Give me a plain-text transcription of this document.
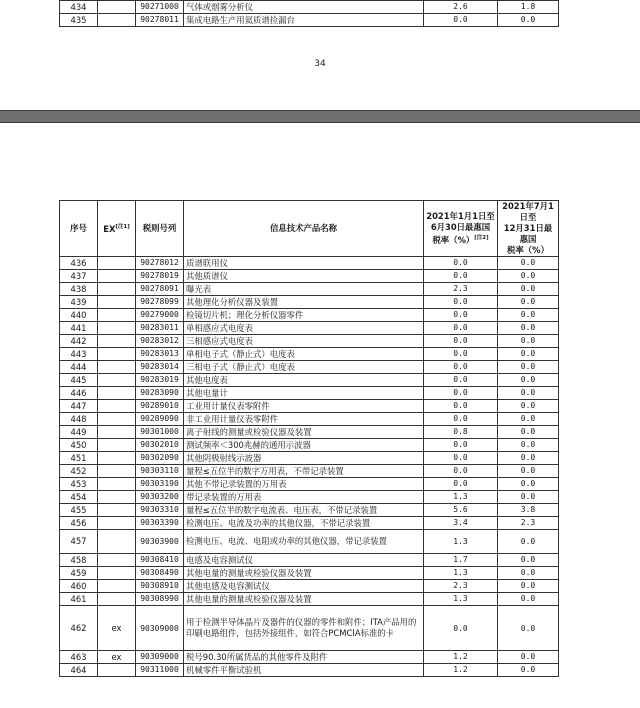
434		90271000	气体或烟雾分析仪	2.6	1.8
435		90278011	集成电路生产用氦质谱捡漏台	0.0	0.0
34
序号	EX[注1]	税则号列	信息技术产品名称	2021年1月1日至
6月30日最惠国
税率（%）[注2]	2021年7月1日至
12月31日最惠国
税率（%）
436		90278012	质谱联用仪	0.0	0.0
437		90278019	其他质谱仪	0.0	0.0
438		90278091	曝光表	2.3	0.0
439		90278099	其他理化分析仪器及装置	0.0	0.0
440		90279000	检镜切片机；理化分析仪器零件	0.0	0.0
441		90283011	单相感应式电度表	0.0	0.0
442		90283012	三相感应式电度表	0.0	0.0
443		90283013	单相电子式（静止式）电度表	0.0	0.0
444		90283014	三相电子式（静止式）电度表	0.0	0.0
445		90283019	其他电度表	0.0	0.0
446		90283090	其他电量计	0.0	0.0
447		90289010	工业用计量仪表零附件	0.0	0.0
448		90289090	非工业用计量仪表零附件	0.0	0.0
449		90301000	离子射线的测量或检验仪器及装置	0.8	0.0
450		90302010	测试频率＜300兆赫的通用示波器	0.0	0.0
451		90302090	其他阴极射线示波器	0.0	0.0
452		90303110	量程≤五位半的数字万用表，不带记录装置	0.0	0.0
453		90303190	其他不带记录装置的万用表	0.0	0.0
454		90303200	带记录装置的万用表	1.3	0.0
455		90303310	量程≤五位半的数字电流表、电压表，不带记录装置	5.6	3.8
456		90303390	检测电压、电流及功率的其他仪器，不带记录装置	3.4	2.3
457		90303900	检测电压、电流、电阻或功率的其他仪器，带记录装置	1.3	0.0
458		90308410	电感及电容测试仪	1.7	0.0
459		90308490	其他电量的测量或检验仪器及装置	1.3	0.0
460		90308910	其他电感及电容测试仪	2.3	0.0
461		90308990	其他电量的测量或检验仪器及装置	1.3	0.0
462	ex	90309000	用于检测半导体晶片及器件的仪器的零件和附件；ITA产品用的印刷电路组件，包括外接组件，如符合PCMCIA标准的卡	0.0	0.0
463	ex	90309000	税号90.30所属货品的其他零件及附件	1.2	0.0
464		90311000	机械零件平衡试验机	1.2	0.0
